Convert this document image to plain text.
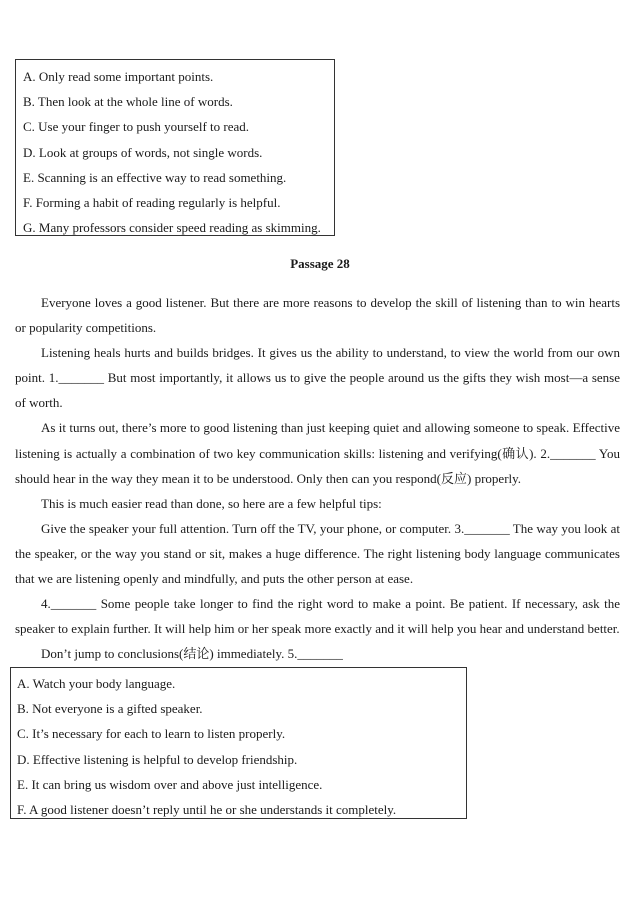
A. Only read some important points.
B. Then look at the whole line of words.
C. Use your finger to push yourself to read.
D. Look at groups of words, not single words.
E. Scanning is an effective way to read something.
F. Forming a habit of reading regularly is helpful.
G. Many professors consider speed reading as skimming.
Passage 28

Everyone loves a good listener. But there are more reasons to develop the skill of listening than to win hearts or popularity competitions.

Listening heals hurts and builds bridges. It gives us the ability to understand, to view the world from our own point. 1._______ But most importantly, it allows us to give the people around us the gifts they wish most—a sense of worth.

As it turns out, there’s more to good listening than just keeping quiet and allowing someone to speak. Effective listening is actually a combination of two key communication skills: listening and verifying(确认). 2._______ You should hear in the way they mean it to be understood. Only then can you respond(反应) properly.

This is much easier read than done, so here are a few helpful tips:

Give the speaker your full attention. Turn off the TV, your phone, or computer. 3._______ The way you look at the speaker, or the way you stand or sit, makes a huge difference. The right listening body language communicates that we are listening openly and mindfully, and puts the other person at ease.

4._______ Some people take longer to find the right word to make a point. Be patient. If necessary, ask the speaker to explain further. It will help him or her speak more exactly and it will help you hear and understand better.

Don’t jump to conclusions(结论) immediately. 5._______

A. Watch your body language.
B. Not everyone is a gifted speaker.
C. It’s necessary for each to learn to listen properly.
D. Effective listening is helpful to develop friendship.
E. It can bring us wisdom over and above just intelligence.
F. A good listener doesn’t reply until he or she understands it completely.
